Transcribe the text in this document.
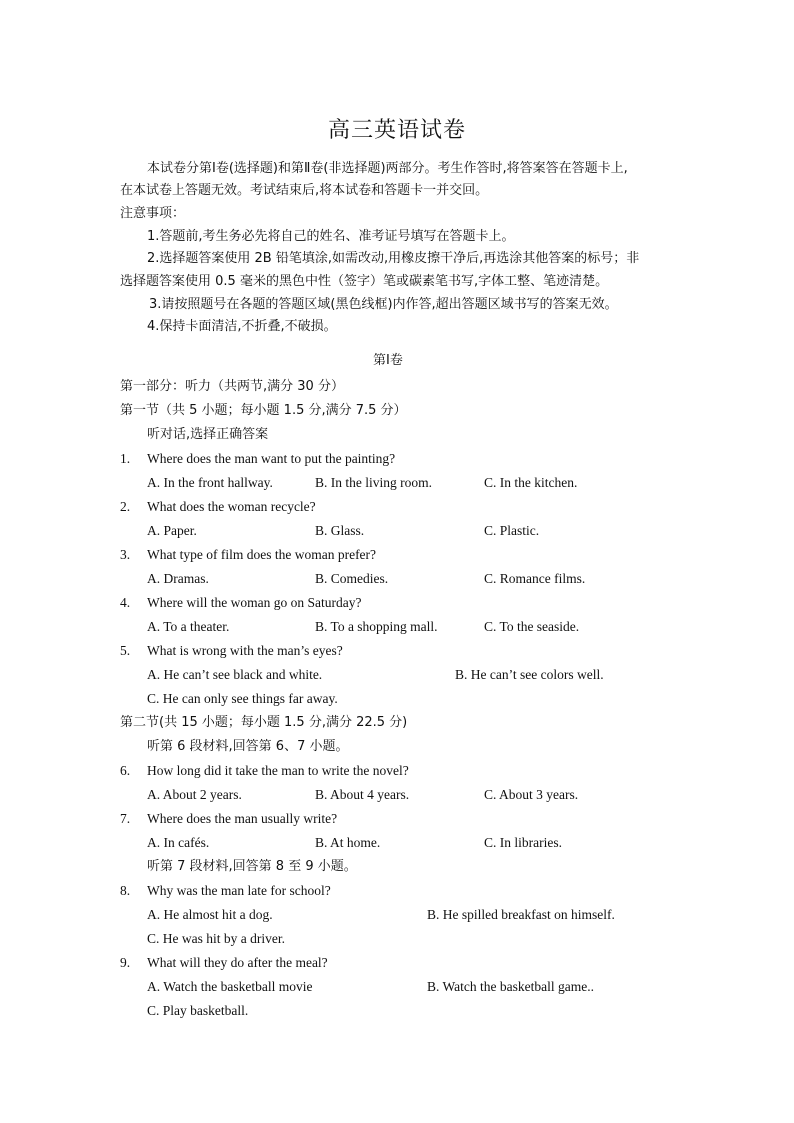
高三英语试卷
本试卷分第Ⅰ卷(选择题)和第Ⅱ卷(非选择题)两部分。考生作答时,将答案答在答题卡上,
在本试卷上答题无效。考试结束后,将本试卷和答题卡一并交回。
注意事项：
1.答题前,考生务必先将自己的姓名、准考证号填写在答题卡上。
2.选择题答案使用 2B 铅笔填涂,如需改动,用橡皮擦干净后,再选涂其他答案的标号；非
选择题答案使用 0.5 毫米的黑色中性（签字）笔或碳素笔书写,字体工整、笔迹清楚。
3.请按照题号在各题的答题区域(黑色线框)内作答,超出答题区域书写的答案无效。
4.保持卡面清洁,不折叠,不破损。
第Ⅰ卷
第一部分：听力（共两节,满分 30 分）
第一节（共 5 小题；每小题 1.5 分,满分 7.5 分）
听对话,选择正确答案
1. Where does the man want to put the painting?
A. In the front hallway.	B. In the living room.	C. In the kitchen.
2. What does the woman recycle?
A. Paper.	B. Glass.	C. Plastic.
3. What type of film does the woman prefer?
A. Dramas.	B. Comedies.	C. Romance films.
4. Where will the woman go on Saturday?
A. To a theater.	B. To a shopping mall.	C. To the seaside.
5. What is wrong with the man’s eyes?
A. He can’t see black and white.	B. He can’t see colors well.
C. He can only see things far away.
第二节(共 15 小题；每小题 1.5 分,满分 22.5 分)
听第 6 段材料,回答第 6、7 小题。
6. How long did it take the man to write the novel?
A. About 2 years.	B. About 4 years.	C. About 3 years.
7. Where does the man usually write?
A. In cafés.	B. At home.	C. In libraries.
听第 7 段材料,回答第 8 至 9 小题。
8. Why was the man late for school?
A. He almost hit a dog.	B. He spilled breakfast on himself.
C. He was hit by a driver.
9. What will they do after the meal?
A. Watch the basketball movie	B. Watch the basketball game..
C. Play basketball.
